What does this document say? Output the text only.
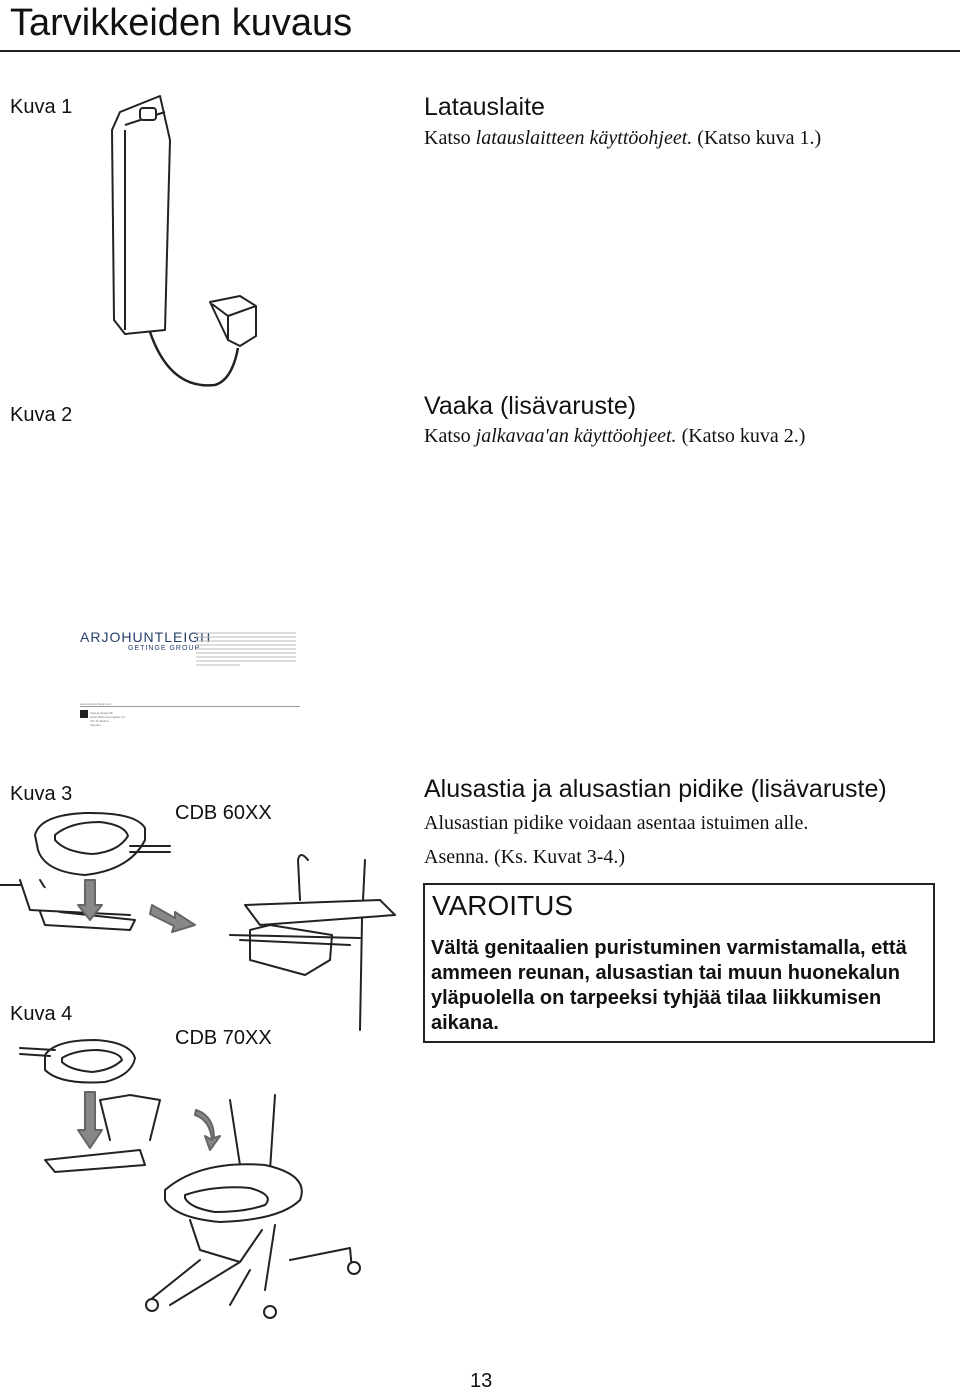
Tarvikkeiden kuvaus
Kuva 1
Kuva 2
Kuva 3
Kuva 4
CDB 60XX
CDB 70XX
Latauslaite
Katso latauslaitteen käyttöohjeet. (Katso kuva 1.)
Vaaka (lisävaruste)
Katso jalkavaa'an käyttöohjeet. (Katso kuva 2.)
Alusastia ja alusastian pidike (lisävaruste)
Alusastian pidike voidaan asentaa istuimen alle.
Asenna. (Ks. Kuvat 3-4.)
VAROITUS
Vältä genitaalien puristuminen varmistamalla, että ammeen reunan, alusastian tai muun huonekalun yläpuolella on tarpeeksi tyhjää tilaa liikkumisen aikana.
ARJOHUNTLEIGH
GETINGE GROUP
www.ArjoHuntleigh.com
ArjoHuntleigh AB
Hans Michelsensgatan 10
211 20 Malmö
Sweden
13
